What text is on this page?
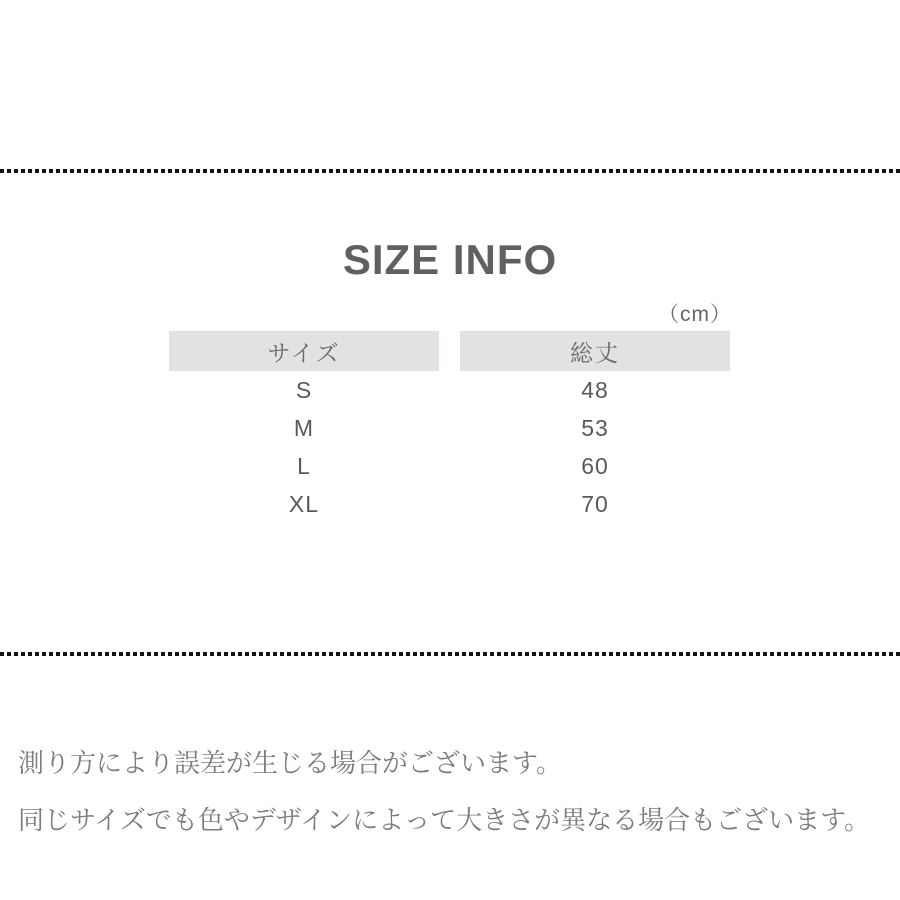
SIZE INFO
（cm）
サイズ	総丈
S	48
M	53
L	60
XL	70

測り方により誤差が生じる場合がございます。

同じサイズでも色やデザインによって大きさが異なる場合もございます。
